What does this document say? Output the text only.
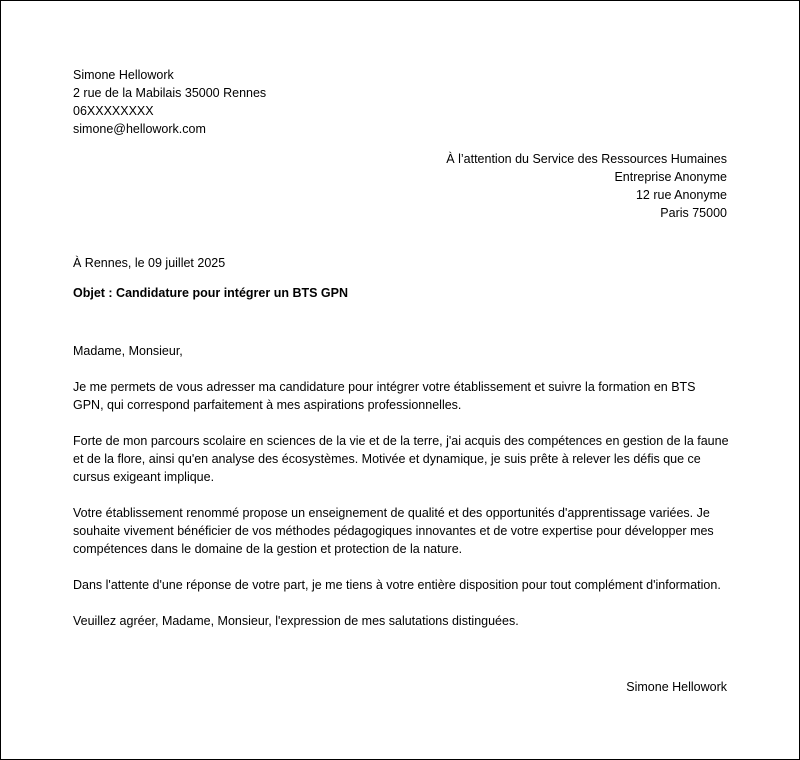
Simone Hellowork
2 rue de la Mabilais 35000 Rennes
06XXXXXXXX
simone@hellowork.com
À l’attention du Service des Ressources Humaines
Entreprise Anonyme
12 rue Anonyme
Paris 75000
À Rennes, le 09 juillet 2025
Objet : Candidature pour intégrer un BTS GPN

Madame, Monsieur,

Je me permets de vous adresser ma candidature pour intégrer votre établissement et suivre la formation en BTS GPN, qui correspond parfaitement à mes aspirations professionnelles.

Forte de mon parcours scolaire en sciences de la vie et de la terre, j'ai acquis des compétences en gestion de la faune et de la flore, ainsi qu'en analyse des écosystèmes. Motivée et dynamique, je suis prête à relever les défis que ce cursus exigeant implique.

Votre établissement renommé propose un enseignement de qualité et des opportunités d'apprentissage variées. Je souhaite vivement bénéficier de vos méthodes pédagogiques innovantes et de votre expertise pour développer mes compétences dans le domaine de la gestion et protection de la nature.

Dans l'attente d'une réponse de votre part, je me tiens à votre entière disposition pour tout complément d'information.

Veuillez agréer, Madame, Monsieur, l'expression de mes salutations distinguées.

Simone Hellowork
